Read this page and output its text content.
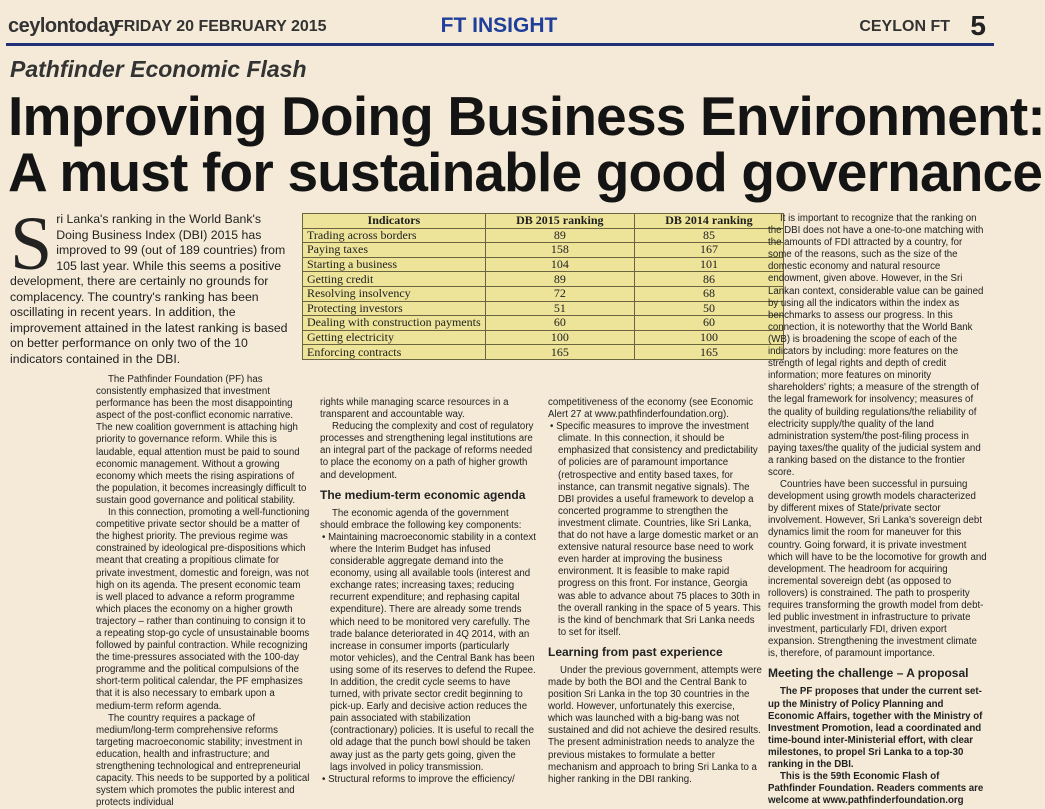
ceylontoday
FRIDAY 20 FEBRUARY 2015	FT INSIGHT	CEYLON FT 5
Pathfinder Economic Flash
Improving Doing Business Environment:
A must for sustainable good governance

Sri Lanka's ranking in the World Bank's Doing Business Index (DBI) 2015 has improved to 99 (out of 189 countries) from 105 last year. While this seems a positive development, there are certainly no grounds for complacency. The country's ranking has been oscillating in recent years. In addition, the improvement attained in the latest ranking is based on better performance on only two of the 10 indicators contained in the DBI.

Indicators	DB 2015 ranking	DB 2014 ranking
Trading across borders	89	85
Paying taxes	158	167
Starting a business	104	101
Getting credit	89	86
Resolving insolvency	72	68
Protecting investors	51	50
Dealing with construction payments	60	60
Getting electricity	100	100
Enforcing contracts	165	165

The Pathfinder Foundation (PF) has consistently emphasized that investment performance has been the most disappointing aspect of the post-conflict economic narrative. The new coalition government is attaching high priority to governance reform. While this is laudable, equal attention must be paid to sound economic management. Without a growing economy which meets the rising aspirations of the population, it becomes increasingly difficult to sustain good governance and political stability.

In this connection, promoting a well-functioning competitive private sector should be a matter of the highest priority. The previous regime was constrained by ideological pre-dispositions which meant that creating a propitious climate for private investment, domestic and foreign, was not high on its agenda. The present economic team is well placed to advance a reform programme which places the economy on a higher growth trajectory – rather than continuing to consign it to a repeating stop-go cycle of unsustainable booms followed by painful contraction. While recognizing the time-pressures associated with the 100-day programme and the political compulsions of the short-term political calendar, the PF emphasizes that it is also necessary to embark upon a medium-term reform agenda.

The country requires a package of medium/long-term comprehensive reforms targeting macroeconomic stability; investment in education, health and infrastructure; and strengthening technological and entrepreneurial capacity. This needs to be supported by a political system which promotes the public interest and protects individual

rights while managing scarce resources in a transparent and accountable way.

Reducing the complexity and cost of regulatory processes and strengthening legal institutions are an integral part of the package of reforms needed to place the economy on a path of higher growth and development.

The medium-term economic agenda

The economic agenda of the government should embrace the following key components:

• Maintaining macroeconomic stability in a context where the Interim Budget has infused considerable aggregate demand into the economy, using all available tools (interest and exchange rates; increasing taxes; reducing recurrent expenditure; and rephasing capital expenditure). There are already some trends which need to be monitored very carefully. The trade balance deteriorated in 4Q 2014, with an increase in consumer imports (particularly motor vehicles), and the Central Bank has been using some of its reserves to defend the Rupee. In addition, the credit cycle seems to have turned, with private sector credit beginning to pick-up. Early and decisive action reduces the pain associated with stabilization (contractionary) policies. It is useful to recall the old adage that the punch bowl should be taken away just as the party gets going, given the lags involved in policy transmission.

• Structural reforms to improve the efficiency/

competitiveness of the economy (see Economic Alert 27 at www.pathfinderfoundation.org).

• Specific measures to improve the investment climate. In this connection, it should be emphasized that consistency and predictability of policies are of paramount importance (retrospective and entity based taxes, for instance, can transmit negative signals). The DBI provides a useful framework to develop a concerted programme to strengthen the investment climate. Countries, like Sri Lanka, that do not have a large domestic market or an extensive natural resource base need to work even harder at improving the business environment. It is feasible to make rapid progress on this front. For instance, Georgia was able to advance about 75 places to 30th in the overall ranking in the space of 5 years. This is the kind of benchmark that Sri Lanka needs to set for itself.

Learning from past experience

Under the previous government, attempts were made by both the BOI and the Central Bank to position Sri Lanka in the top 30 countries in the world. However, unfortunately this exercise, which was launched with a big-bang was not sustained and did not achieve the desired results. The present administration needs to analyze the previous mistakes to formulate a better mechanism and approach to bring Sri Lanka to a higher ranking in the DBI ranking.

It is important to recognize that the ranking on the DBI does not have a one-to-one matching with the amounts of FDI attracted by a country, for some of the reasons, such as the size of the domestic economy and natural resource endowment, given above. However, in the Sri Lankan context, considerable value can be gained by using all the indicators within the index as benchmarks to assess our progress. In this connection, it is noteworthy that the World Bank (WB) is broadening the scope of each of the indicators by including: more features on the strength of legal rights and depth of credit information; more features on minority shareholders' rights; a measure of the strength of the legal framework for insolvency; measures of the quality of building regulations/the reliability of electricity supply/the quality of the land administration system/the post-filing process in paying taxes/the quality of the judicial system and a ranking based on the distance to the frontier score.

Countries have been successful in pursuing development using growth models characterized by different mixes of State/private sector involvement. However, Sri Lanka's sovereign debt dynamics limit the room for maneuver for this country. Going forward, it is private investment which will have to be the locomotive for growth and development. The headroom for acquiring incremental sovereign debt (as opposed to rollovers) is constrained. The path to prosperity requires transforming the growth model from debt-led public investment in infrastructure to private investment, particularly FDI, driven export expansion. Strengthening the investment climate is, therefore, of paramount importance.

Meeting the challenge – A proposal

The PF proposes that under the current set-up the Ministry of Policy Planning and Economic Affairs, together with the Ministry of Investment Promotion, lead a coordinated and time-bound inter-Ministerial effort, with clear milestones, to propel Sri Lanka to a top-30 ranking in the DBI.

This is the 59th Economic Flash of Pathfinder Foundation. Readers comments are welcome at www.pathfinderfoundation.org
